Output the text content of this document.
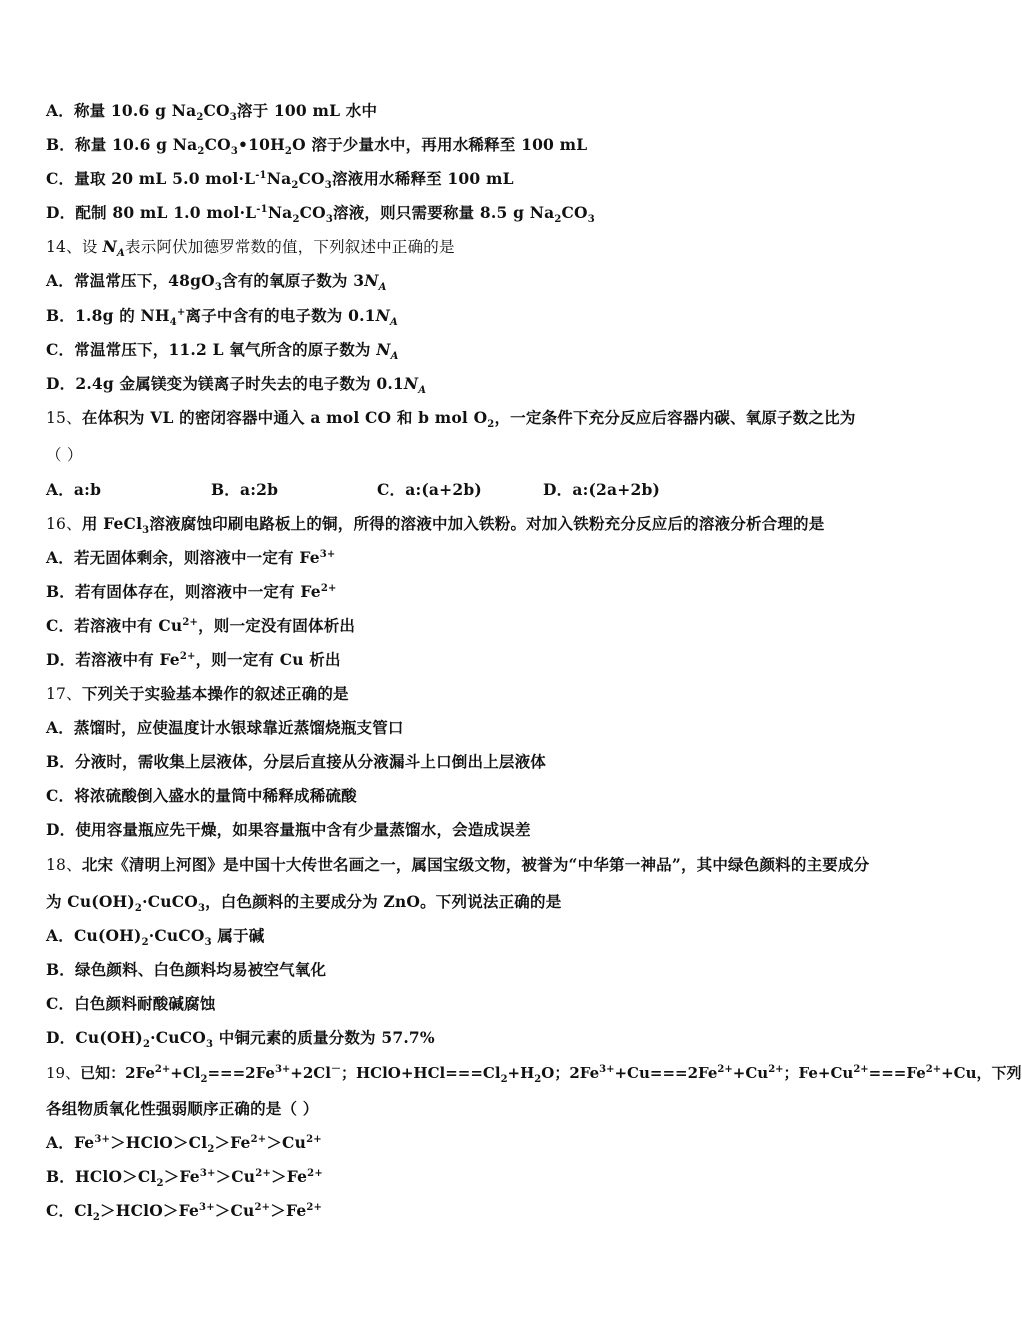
A．称量 10.6 g $Na_2CO_3$溶于 100 mL 水中
B．称量 10.6 g $Na_2CO_3•10H_2O$ 溶于少量水中，再用水稀释至 100 mL
C．量取 20 mL 5.0 $mol\cdot L^{-1}Na_2CO_3$溶液用水稀释至 100 mL
D．配制 80 mL 1.0 $mol\cdot L^{-1}Na_2CO_3$溶液，则只需要称量 8.5 g $Na_2CO_3$
14、设 $N_A$表示阿伏加德罗常数的值，下列叙述中正确的是
A．常温常压下，$48gO_3$含有的氧原子数为 $3N_A$
B．1.8g 的 $NH_4^+$离子中含有的电子数为 $0.1N_A$
C．常温常压下，11.2 L 氧气所含的原子数为 $N_A$
D．2.4g 金属镁变为镁离子时失去的电子数为 $0.1N_A$
15、在体积为 VL 的密闭容器中通入 a mol CO 和 b mol $O_2$，一定条件下充分反应后容器内碳、氧原子数之比为
（ ）
A．a:b	B．a:2b	C．a:(a+2b)	D．a:(2a+2b)
16、用 FeCl$_3$溶液腐蚀印刷电路板上的铜，所得的溶液中加入铁粉。对加入铁粉充分反应后的溶液分析合理的是
A．若无固体剩余，则溶液中一定有 $Fe^{3+}$
B．若有固体存在，则溶液中一定有 $Fe^{2+}$
C．若溶液中有 $Cu^{2+}$，则一定没有固体析出
D．若溶液中有 $Fe^{2+}$，则一定有 Cu 析出
17、下列关于实验基本操作的叙述正确的是
A．蒸馏时，应使温度计水银球靠近蒸馏烧瓶支管口
B．分液时，需收集上层液体，分层后直接从分液漏斗上口倒出上层液体
C．将浓硫酸倒入盛水的量筒中稀释成稀硫酸
D．使用容量瓶应先干燥，如果容量瓶中含有少量蒸馏水，会造成误差
18、北宋《清明上河图》是中国十大传世名画之一，属国宝级文物，被誉为“中华第一神品”，其中绿色颜料的主要成分
为 $Cu(OH)_2\cdot CuCO_3$，白色颜料的主要成分为 ZnO。下列说法正确的是
A．$Cu(OH)_2\cdot CuCO_3$ 属于碱
B．绿色颜料、白色颜料均易被空气氧化
C．白色颜料耐酸碱腐蚀
D．$Cu(OH)_2\cdot CuCO_3$ 中铜元素的质量分数为 57.7%
19、已知：$2Fe^{2+}+Cl_2===2Fe^{3+}+2Cl^-$；$HClO+HCl===Cl_2+H_2O$；$2Fe^{3+}+Cu===2Fe^{2+}+Cu^{2+}$；$Fe+Cu^{2+}===Fe^{2+}+Cu$，下列
各组物质氧化性强弱顺序正确的是（ ）
A．$Fe^{3+}>HClO>Cl_2>Fe^{2+}>Cu^{2+}$
B．$HClO>Cl_2>Fe^{3+}>Cu^{2+}>Fe^{2+}$
C．$Cl_2>HClO>Fe^{3+}>Cu^{2+}>Fe^{2+}$
